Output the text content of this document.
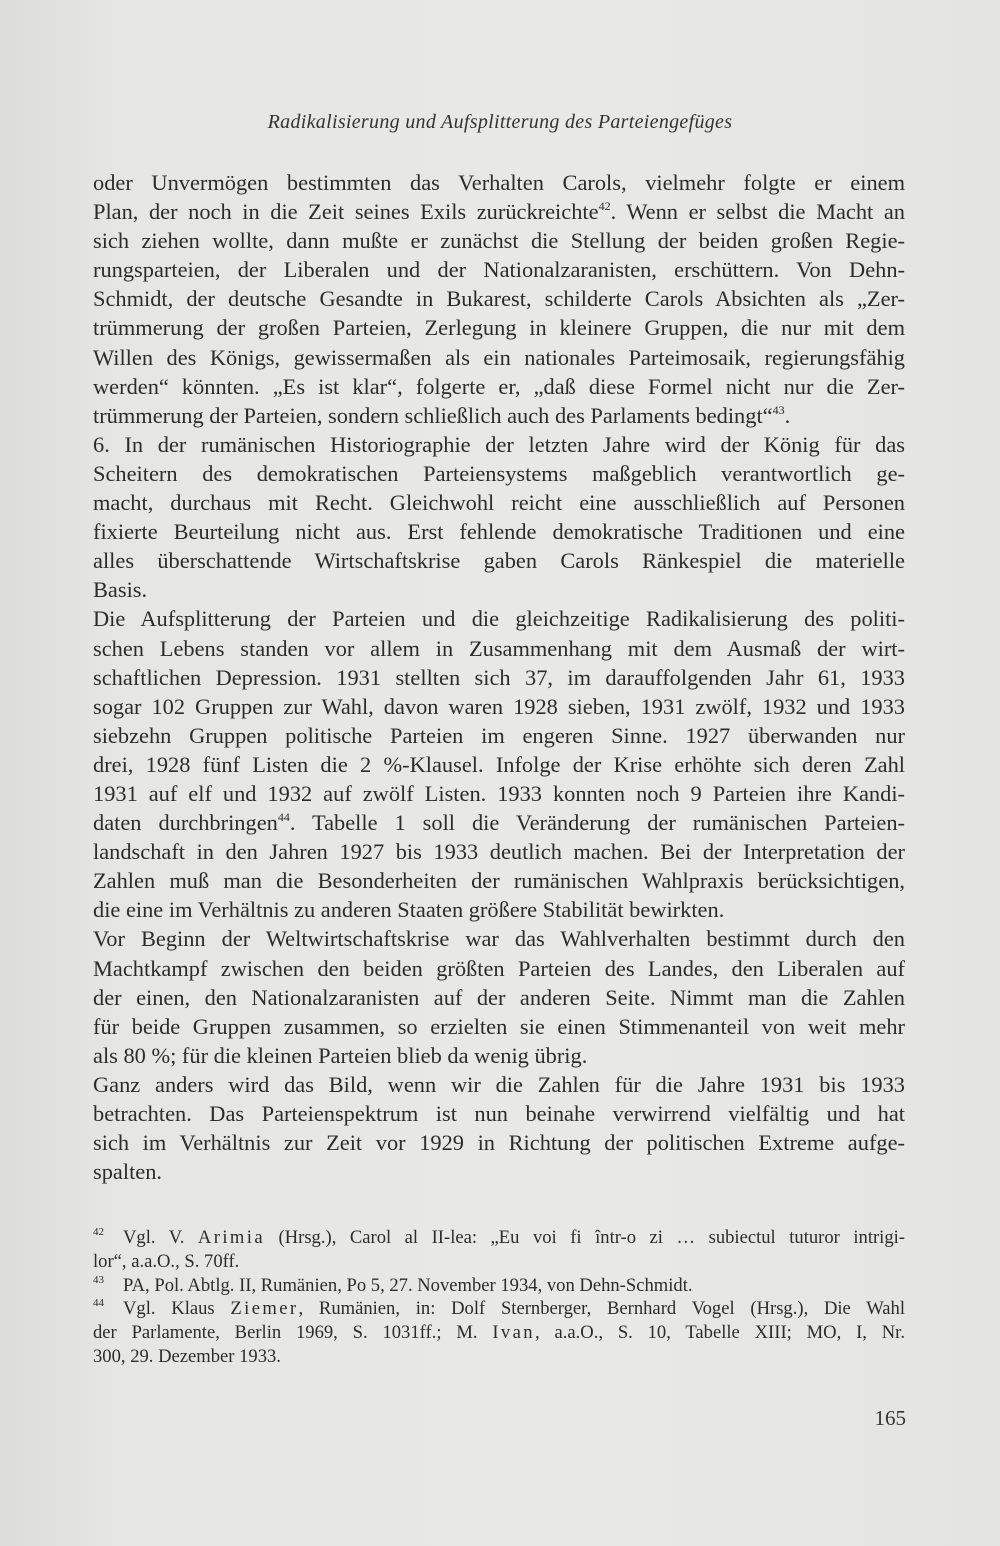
Radikalisierung und Aufsplitterung des Parteiengefüges
oder Unvermögen bestimmten das Verhalten Carols, vielmehr folgte er einem
Plan, der noch in die Zeit seines Exils zurückreichte$^{42}$. Wenn er selbst die Macht an
sich ziehen wollte, dann mußte er zunächst die Stellung der beiden großen Regie-
rungsparteien, der Liberalen und der Nationalzaranisten, erschüttern. Von Dehn-
Schmidt, der deutsche Gesandte in Bukarest, schilderte Carols Absichten als „Zer-
trümmerung der großen Parteien, Zerlegung in kleinere Gruppen, die nur mit dem
Willen des Königs, gewissermaßen als ein nationales Parteimosaik, regierungsfähig
werden“ könnten. „Es ist klar“, folgerte er, „daß diese Formel nicht nur die Zer-
trümmerung der Parteien, sondern schließlich auch des Parlaments bedingt“$^{43}$.
6. In der rumänischen Historiographie der letzten Jahre wird der König für das
Scheitern des demokratischen Parteiensystems maßgeblich verantwortlich ge-
macht, durchaus mit Recht. Gleichwohl reicht eine ausschließlich auf Personen
fixierte Beurteilung nicht aus. Erst fehlende demokratische Traditionen und eine
alles überschattende Wirtschaftskrise gaben Carols Ränkespiel die materielle
Basis.
Die Aufsplitterung der Parteien und die gleichzeitige Radikalisierung des politi-
schen Lebens standen vor allem in Zusammenhang mit dem Ausmaß der wirt-
schaftlichen Depression. 1931 stellten sich 37, im darauffolgenden Jahr 61, 1933
sogar 102 Gruppen zur Wahl, davon waren 1928 sieben, 1931 zwölf, 1932 und 1933
siebzehn Gruppen politische Parteien im engeren Sinne. 1927 überwanden nur
drei, 1928 fünf Listen die 2 %-Klausel. Infolge der Krise erhöhte sich deren Zahl
1931 auf elf und 1932 auf zwölf Listen. 1933 konnten noch 9 Parteien ihre Kandi-
daten durchbringen$^{44}$. Tabelle 1 soll die Veränderung der rumänischen Parteien-
landschaft in den Jahren 1927 bis 1933 deutlich machen. Bei der Interpretation der
Zahlen muß man die Besonderheiten der rumänischen Wahlpraxis berücksichtigen,
die eine im Verhältnis zu anderen Staaten größere Stabilität bewirkten.
Vor Beginn der Weltwirtschaftskrise war das Wahlverhalten bestimmt durch den
Machtkampf zwischen den beiden größten Parteien des Landes, den Liberalen auf
der einen, den Nationalzaranisten auf der anderen Seite. Nimmt man die Zahlen
für beide Gruppen zusammen, so erzielten sie einen Stimmenanteil von weit mehr
als 80 %; für die kleinen Parteien blieb da wenig übrig.
Ganz anders wird das Bild, wenn wir die Zahlen für die Jahre 1931 bis 1933
betrachten. Das Parteienspektrum ist nun beinahe verwirrend vielfältig und hat
sich im Verhältnis zur Zeit vor 1929 in Richtung der politischen Extreme aufge-
spalten.
42 Vgl. V. Arimia (Hrsg.), Carol al II-lea: „Eu voi fi într-o zi … subiectul tuturor intrigi-
lor“, a.a.O., S. 70ff.
43 PA, Pol. Abtlg. II, Rumänien, Po 5, 27. November 1934, von Dehn-Schmidt.
44 Vgl. Klaus Ziemer, Rumänien, in: Dolf Sternberger, Bernhard Vogel (Hrsg.), Die Wahl
der Parlamente, Berlin 1969, S. 1031ff.; M. Ivan, a.a.O., S. 10, Tabelle XIII; MO, I, Nr.
300, 29. Dezember 1933.
165
